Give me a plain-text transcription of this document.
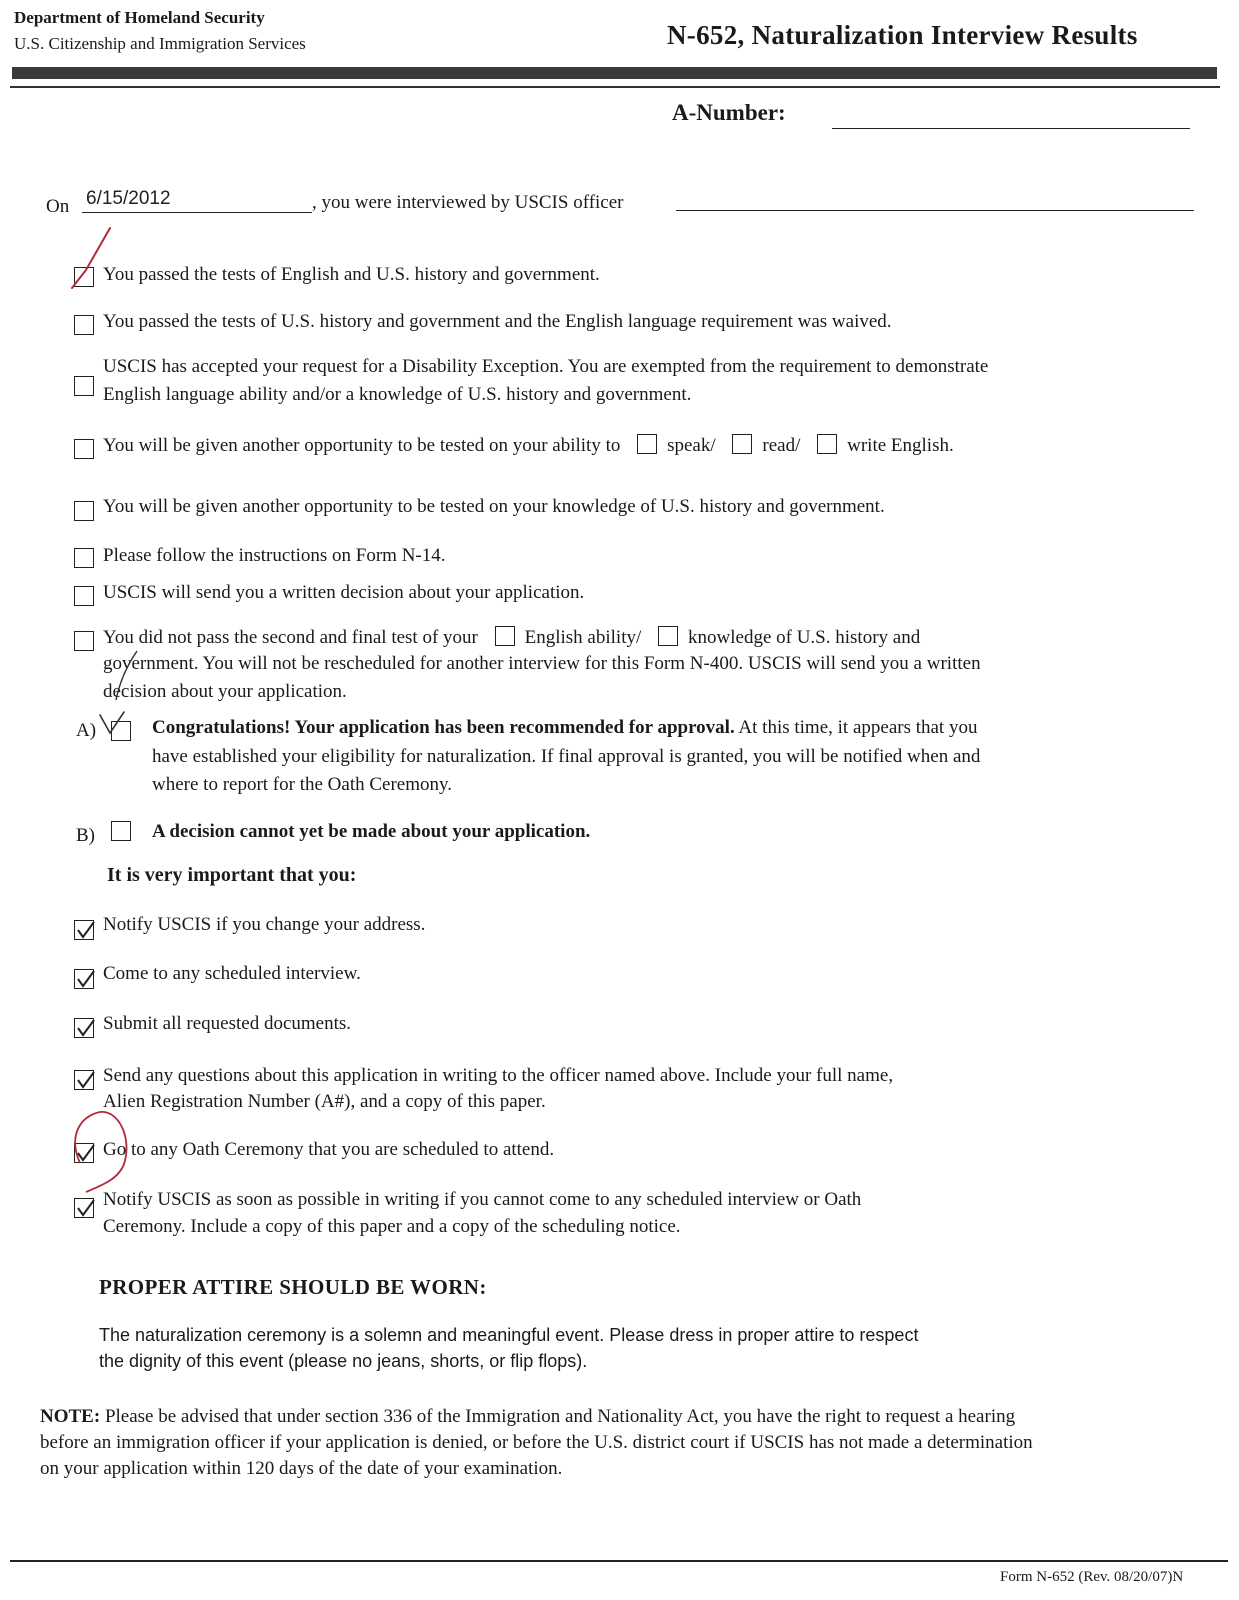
Department of Homeland Security
U.S. Citizenship and Immigration Services	N-652, Naturalization Interview Results
A-Number:
On 6/15/2012	, you were interviewed by USCIS officer
You passed the tests of English and U.S. history and government.
You passed the tests of U.S. history and government and the English language requirement was waived.
USCIS has accepted your request for a Disability Exception. You are exempted from the requirement to demonstrate
English language ability and/or a knowledge of U.S. history and government.
You will be given another opportunity to be tested on your ability to speak/ read/ write English.
You will be given another opportunity to be tested on your knowledge of U.S. history and government.
Please follow the instructions on Form N-14.
USCIS will send you a written decision about your application.
You did not pass the second and final test of your English ability/ knowledge of U.S. history and
government. You will not be rescheduled for another interview for this Form N-400. USCIS will send you a written
decision about your application.
A)	Congratulations! Your application has been recommended for approval. At this time, it appears that you
have established your eligibility for naturalization. If final approval is granted, you will be notified when and
where to report for the Oath Ceremony.
B)	A decision cannot yet be made about your application.
It is very important that you:
Notify USCIS if you change your address.
Come to any scheduled interview.
Submit all requested documents.
Send any questions about this application in writing to the officer named above. Include your full name,
Alien Registration Number (A#), and a copy of this paper.
Go to any Oath Ceremony that you are scheduled to attend.
Notify USCIS as soon as possible in writing if you cannot come to any scheduled interview or Oath
Ceremony. Include a copy of this paper and a copy of the scheduling notice.
PROPER ATTIRE SHOULD BE WORN:
The naturalization ceremony is a solemn and meaningful event. Please dress in proper attire to respect
the dignity of this event (please no jeans, shorts, or flip flops).
NOTE: Please be advised that under section 336 of the Immigration and Nationality Act, you have the right to request a hearing
before an immigration officer if your application is denied, or before the U.S. district court if USCIS has not made a determination
on your application within 120 days of the date of your examination.
Form N-652 (Rev. 08/20/07)N
